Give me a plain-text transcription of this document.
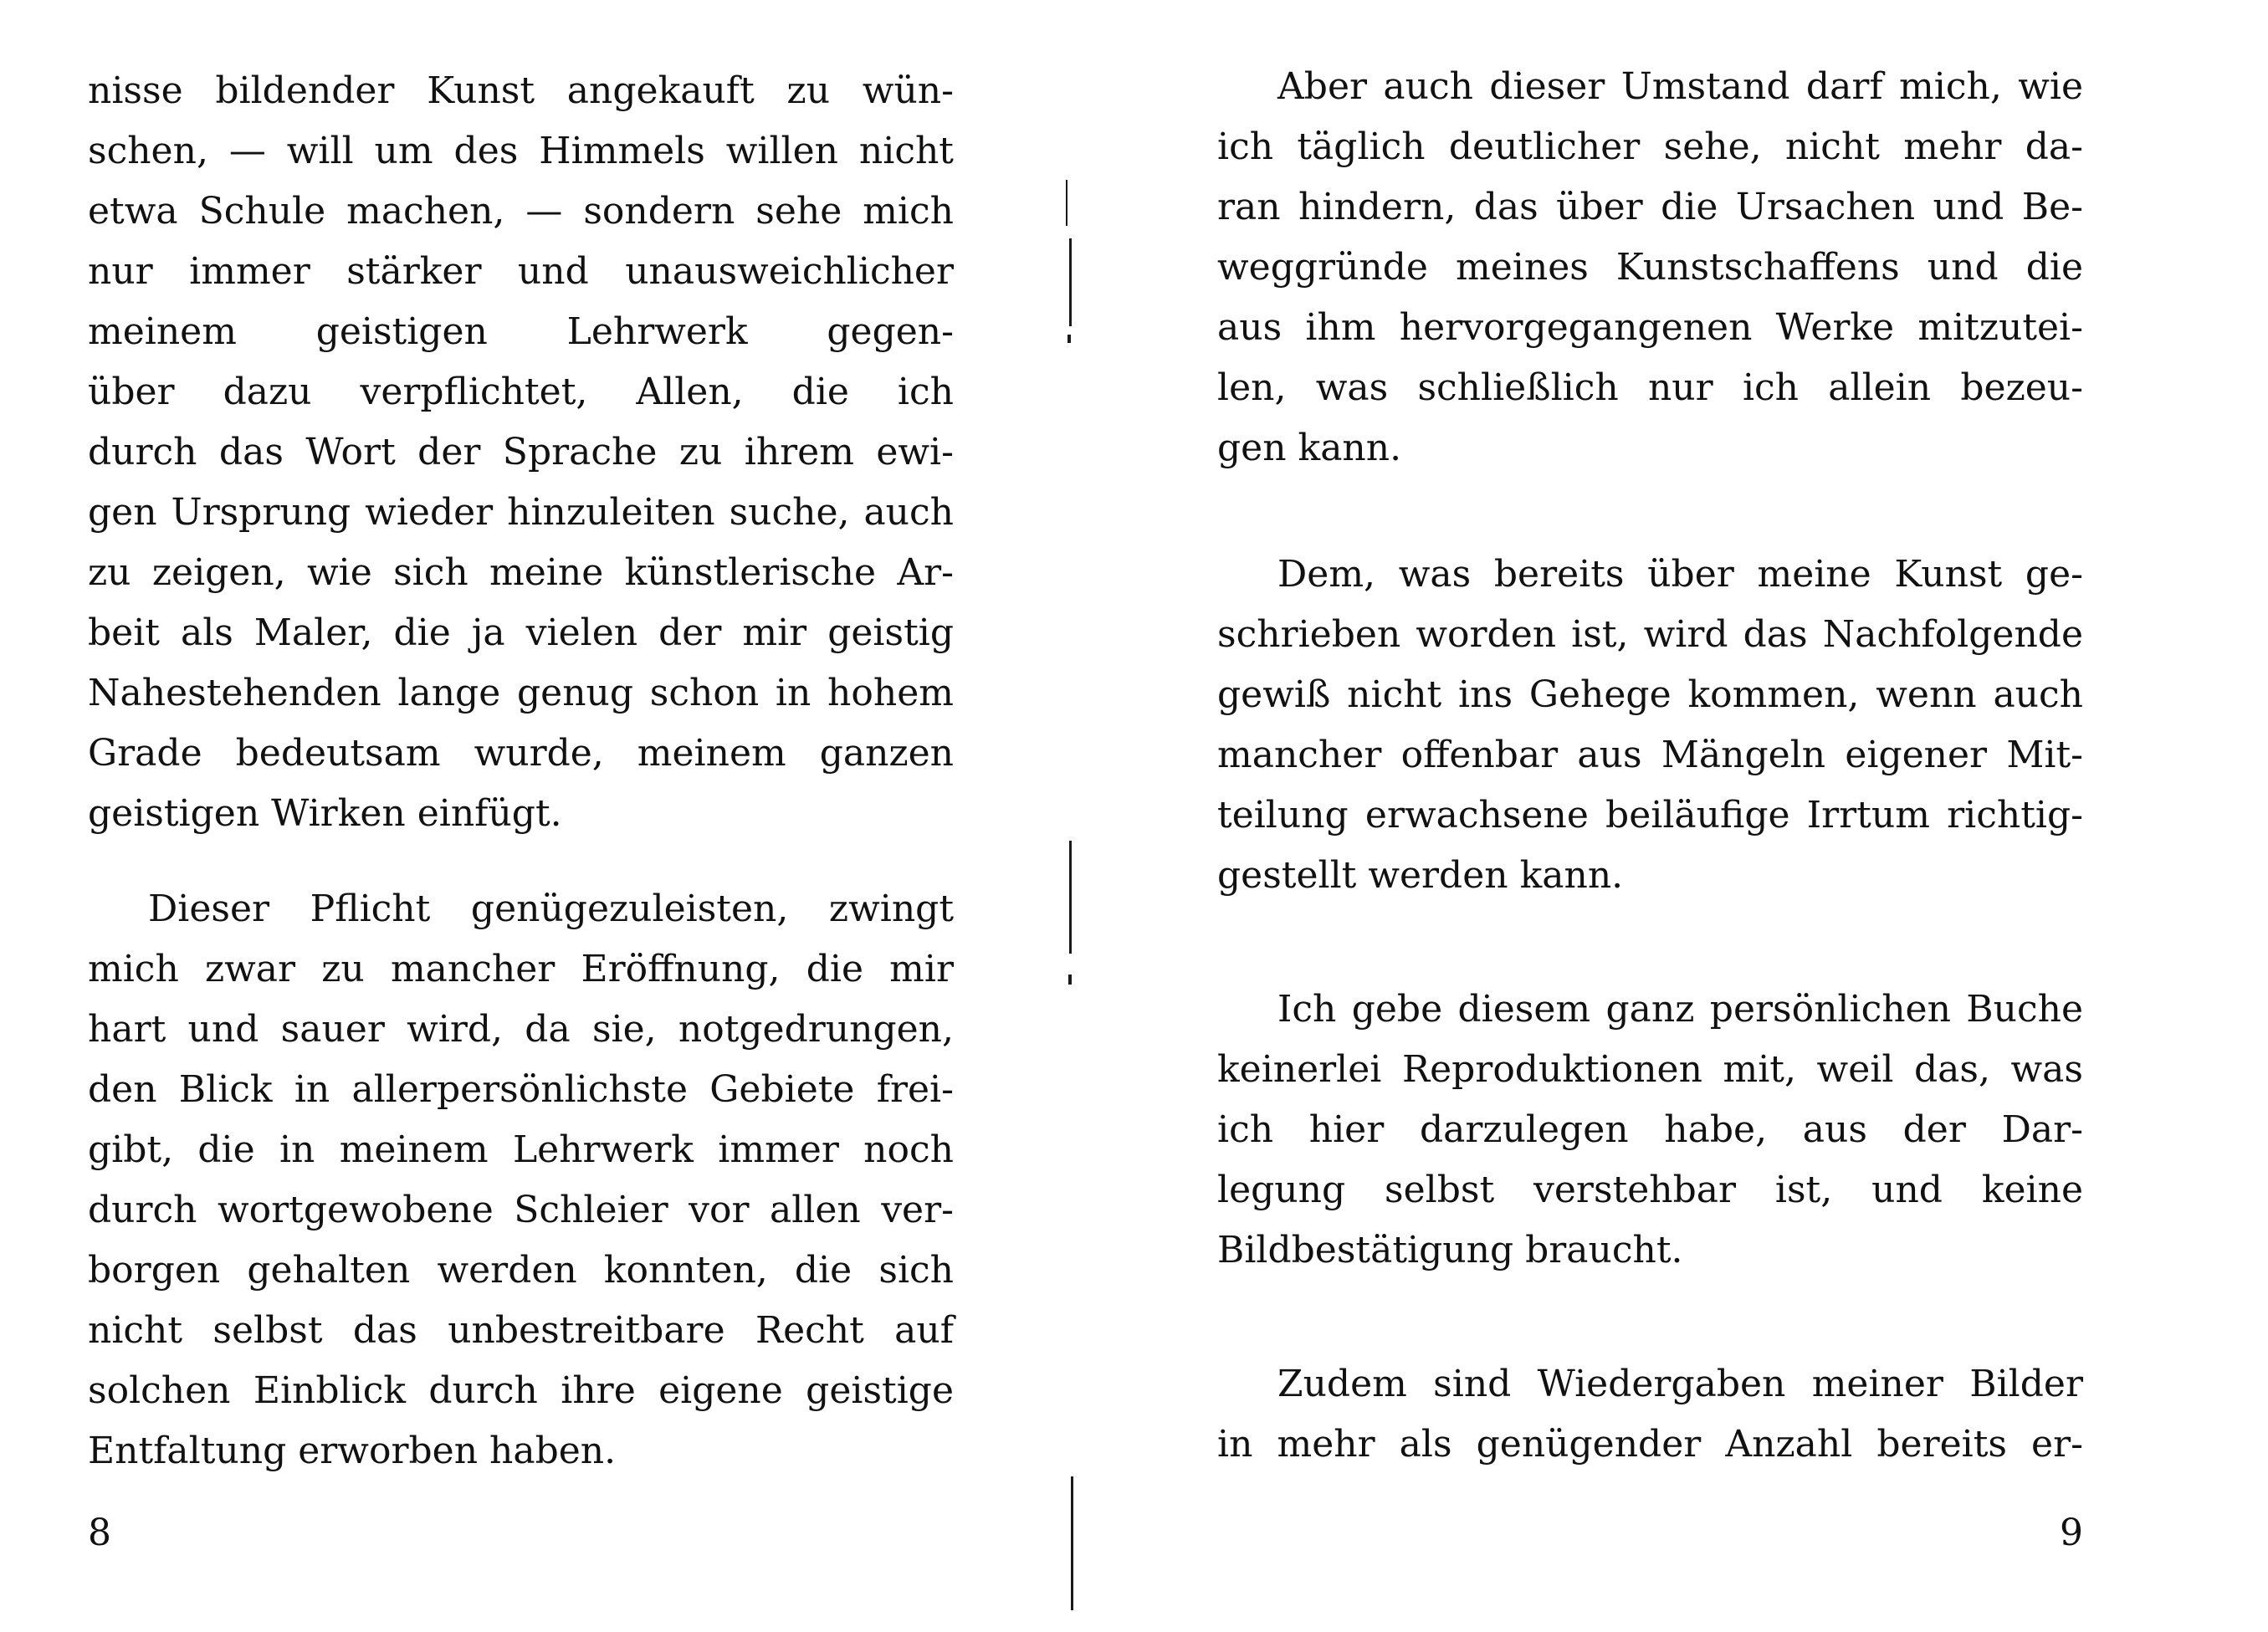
nisse bildender Kunst angekauft zu wün-
schen, — will um des Himmels willen nicht
etwa Schule machen, — sondern sehe mich
nur immer stärker und unausweichlicher
meinem geistigen Lehrwerk gegen-
über dazu verpflichtet, Allen, die ich
durch das Wort der Sprache zu ihrem ewi-
gen Ursprung wieder hinzuleiten suche, auch
zu zeigen, wie sich meine künstlerische Ar-
beit als Maler, die ja vielen der mir geistig
Nahestehenden lange genug schon in hohem
Grade bedeutsam wurde, meinem ganzen
geistigen Wirken einfügt.
Dieser Pflicht genügezuleisten, zwingt
mich zwar zu mancher Eröffnung, die mir
hart und sauer wird, da sie, notgedrungen,
den Blick in allerpersönlichste Gebiete frei-
gibt, die in meinem Lehrwerk immer noch
durch wortgewobene Schleier vor allen ver-
borgen gehalten werden konnten, die sich
nicht selbst das unbestreitbare Recht auf
solchen Einblick durch ihre eigene geistige
Entfaltung erworben haben.
8
Aber auch dieser Umstand darf mich, wie
ich täglich deutlicher sehe, nicht mehr da-
ran hindern, das über die Ursachen und Be-
weggründe meines Kunstschaffens und die
aus ihm hervorgegangenen Werke mitzutei-
len, was schließlich nur ich allein bezeu-
gen kann.
Dem, was bereits über meine Kunst ge-
schrieben worden ist, wird das Nachfolgende
gewiß nicht ins Gehege kommen, wenn auch
mancher offenbar aus Mängeln eigener Mit-
teilung erwachsene beiläufige Irrtum richtig-
gestellt werden kann.
Ich gebe diesem ganz persönlichen Buche
keinerlei Reproduktionen mit, weil das, was
ich hier darzulegen habe, aus der Dar-
legung selbst verstehbar ist, und keine
Bildbestätigung braucht.
Zudem sind Wiedergaben meiner Bilder
in mehr als genügender Anzahl bereits er-
9
